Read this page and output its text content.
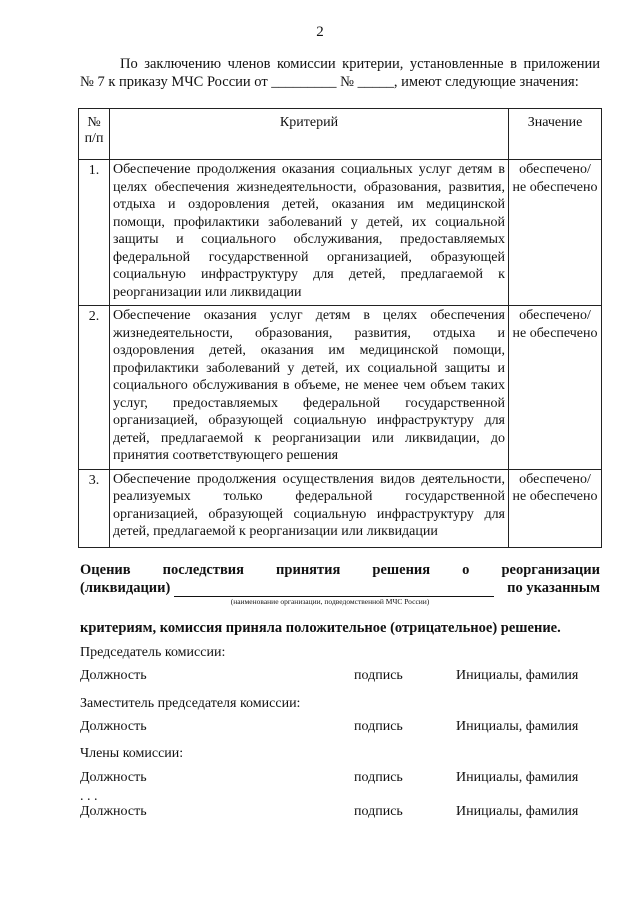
2
По заключению членов комиссии критерии, установленные в приложении
№ 7 к приказу МЧС России от _________ № _____, имеют следующие значения:
№ п/п	Критерий	Значение
1.	Обеспечение продолжения оказания социальных услуг детям в целях обеспечения жизнедеятельности, образования, развития, отдыха и оздоровления детей, оказания им медицинской помощи, профилактики заболеваний у детей, их социальной защиты и социального обслуживания, предоставляемых федеральной государственной организацией, образующей социальную инфраструктуру для детей, предлагаемой к реорганизации или ликвидации	обеспечено/ не обеспечено
2.	Обеспечение оказания услуг детям в целях обеспечения жизнедеятельности, образования, развития, отдыха и оздоровления детей, оказания им медицинской помощи, профилактики заболеваний у детей, их социальной защиты и социального обслуживания в объеме, не менее чем объем таких услуг, предоставляемых федеральной государственной организацией, образующей социальную инфраструктуру для детей, предлагаемой к реорганизации или ликвидации, до принятия соответствующего решения	обеспечено/ не обеспечено
3.	Обеспечение продолжения осуществления видов деятельности, реализуемых только федеральной государственной организацией, образующей социальную инфраструктуру для детей, предлагаемой к реорганизации или ликвидации	обеспечено/ не обеспечено
Оценив последствия принятия решения о реорганизации
(ликвидации)	по указанным
(наименование организации, подведомственной МЧС России)
критериям, комиссия приняла положительное (отрицательное) решение.
Председатель комиссии:
Должность	подпись	Инициалы, фамилия
Заместитель председателя комиссии:
Должность	подпись	Инициалы, фамилия
Члены комиссии:
Должность	подпись	Инициалы, фамилия
. . .
Должность	подпись	Инициалы, фамилия
